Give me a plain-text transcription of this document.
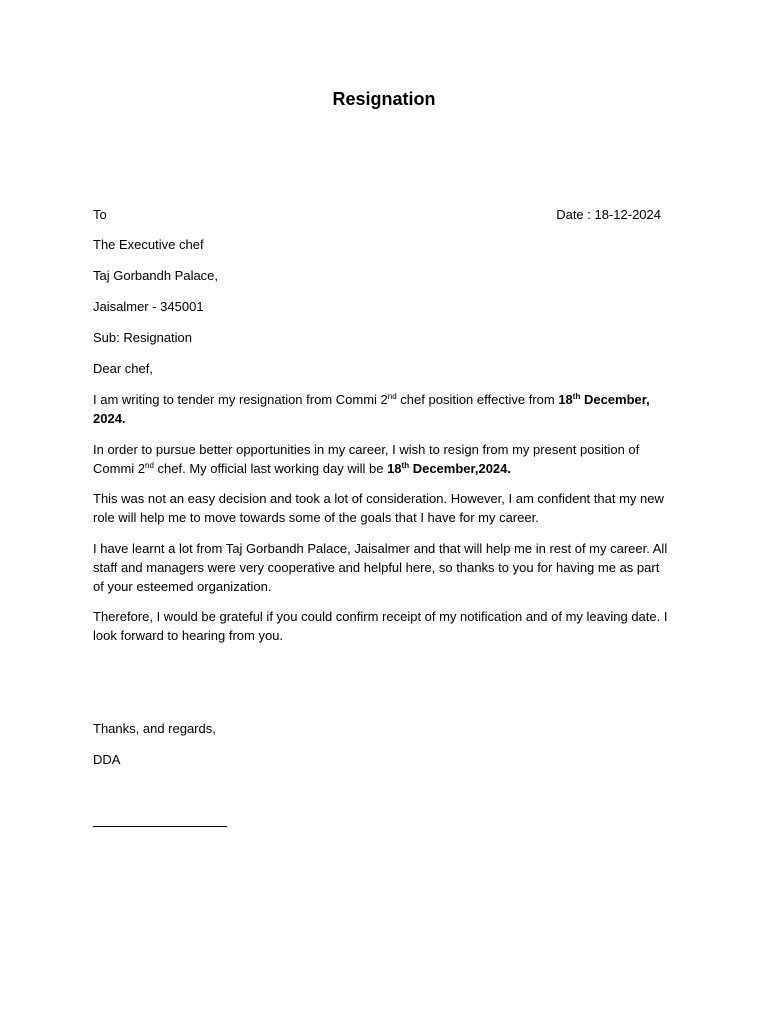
Resignation
To	Date : 18-12-2024
The Executive chef
Taj Gorbandh Palace,
Jaisalmer - 345001
Sub: Resignation
Dear chef,
I am writing to tender my resignation from Commi 2nd chef position effective from 18th December, 2024.
In order to pursue better opportunities in my career, I wish to resign from my present position of Commi 2nd chef. My official last working day will be 18th December,2024.
This was not an easy decision and took a lot of consideration. However, I am confident that my new role will help me to move towards some of the goals that I have for my career.
I have learnt a lot from Taj Gorbandh Palace, Jaisalmer and that will help me in rest of my career. All staff and managers were very cooperative and helpful here, so thanks to you for having me as part of your esteemed organization.
Therefore, I would be grateful if you could confirm receipt of my notification and of my leaving date. I look forward to hearing from you.
Thanks, and regards,
DDA
